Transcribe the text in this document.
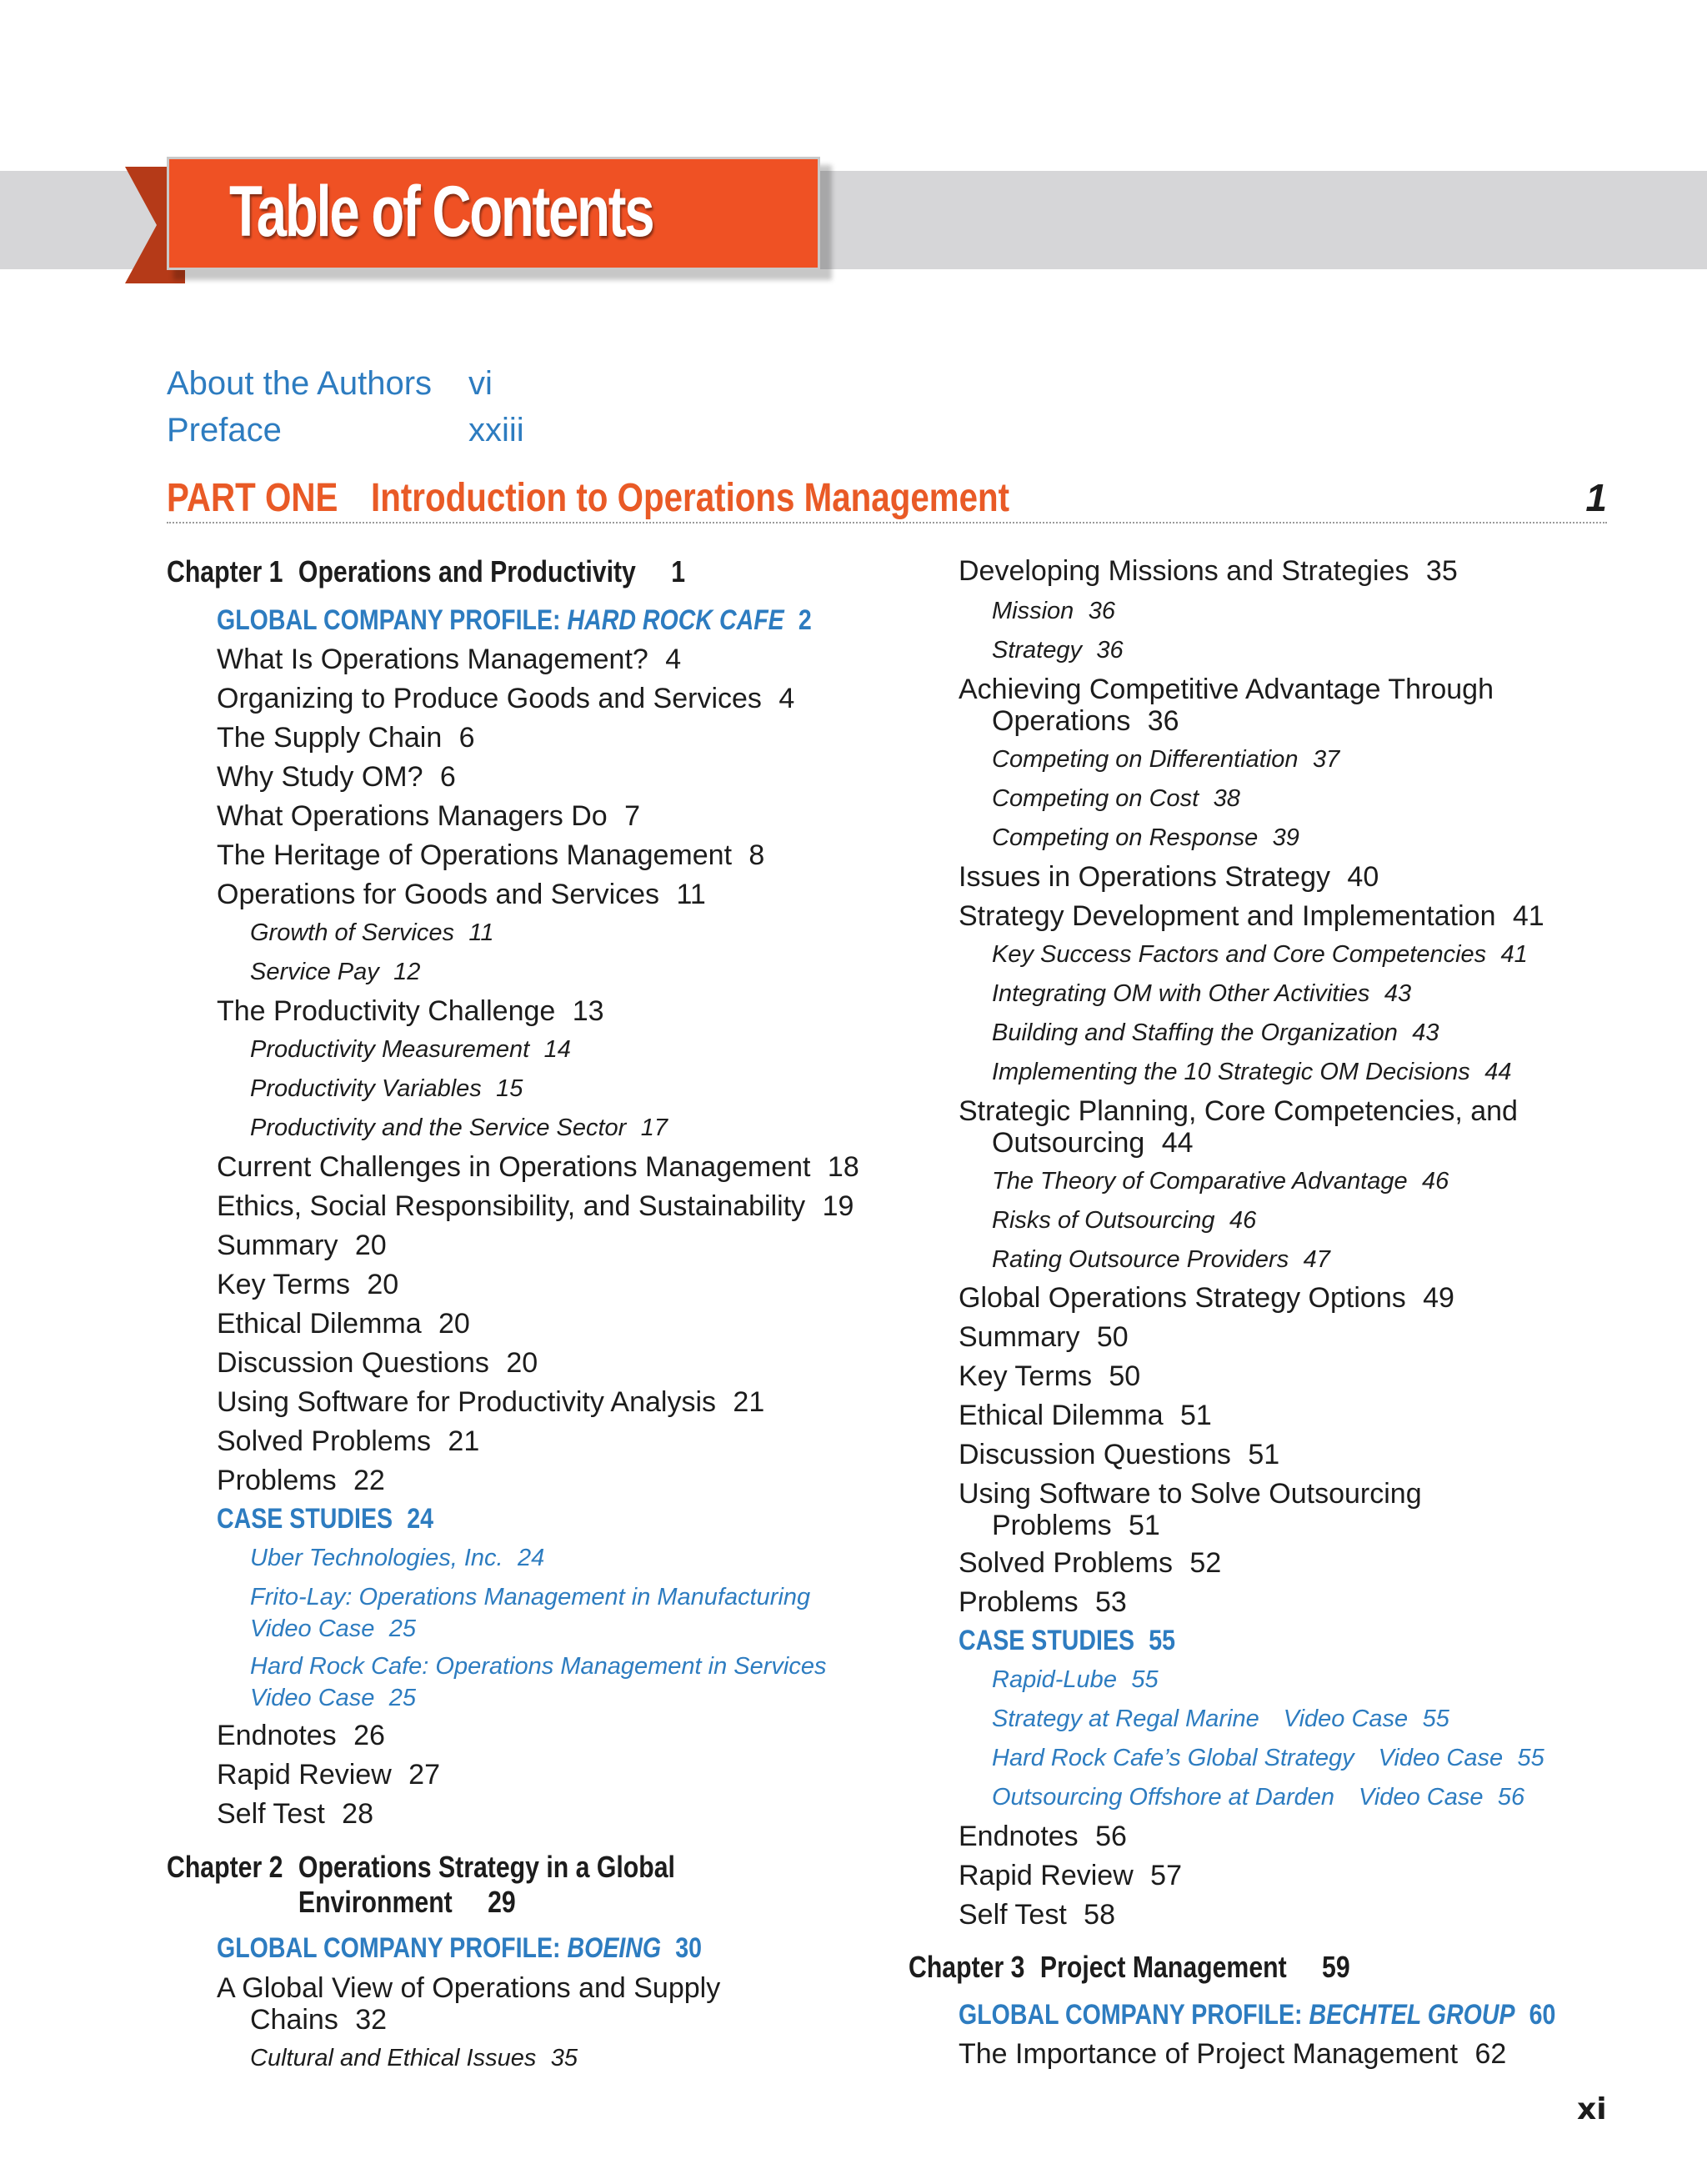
Table of Contents
About the Authors vi
Preface	xxiii
PART ONE Introduction to Operations Management	1
Chapter 1 Operations and Productivity 1
GLOBAL COMPANY PROFILE: HARD ROCK CAFE 2
What Is Operations Management? 4
Organizing to Produce Goods and Services 4
The Supply Chain 6
Why Study OM? 6
What Operations Managers Do 7
The Heritage of Operations Management 8
Operations for Goods and Services 11
Growth of Services 11
Service Pay 12
The Productivity Challenge 13
Productivity Measurement 14
Productivity Variables 15
Productivity and the Service Sector 17
Current Challenges in Operations Management 18
Ethics, Social Responsibility, and Sustainability 19
Summary 20
Key Terms 20
Ethical Dilemma 20
Discussion Questions 20
Using Software for Productivity Analysis 21
Solved Problems 21
Problems 22
CASE STUDIES 24
Uber Technologies, Inc. 24
Frito-Lay: Operations Management in Manufacturing
Video Case 25
Hard Rock Cafe: Operations Management in Services
Video Case 25
Endnotes 26
Rapid Review 27
Self Test 28
Chapter 2 Operations Strategy in a Global
Environment 29
GLOBAL COMPANY PROFILE: BOEING 30
A Global View of Operations and Supply
Chains 32
Cultural and Ethical Issues 35
Developing Missions and Strategies 35
Mission 36
Strategy 36
Achieving Competitive Advantage Through
Operations 36
Competing on Differentiation 37
Competing on Cost 38
Competing on Response 39
Issues in Operations Strategy 40
Strategy Development and Implementation 41
Key Success Factors and Core Competencies 41
Integrating OM with Other Activities 43
Building and Staffing the Organization 43
Implementing the 10 Strategic OM Decisions 44
Strategic Planning, Core Competencies, and
Outsourcing 44
The Theory of Comparative Advantage 46
Risks of Outsourcing 46
Rating Outsource Providers 47
Global Operations Strategy Options 49
Summary 50
Key Terms 50
Ethical Dilemma 51
Discussion Questions 51
Using Software to Solve Outsourcing
Problems 51
Solved Problems 52
Problems 53
CASE STUDIES 55
Rapid-Lube 55
Strategy at Regal Marine Video Case 55
Hard Rock Cafe’s Global Strategy Video Case 55
Outsourcing Offshore at Darden Video Case 56
Endnotes 56
Rapid Review 57
Self Test 58
Chapter 3 Project Management 59
GLOBAL COMPANY PROFILE: BECHTEL GROUP 60
The Importance of Project Management 62
xi
